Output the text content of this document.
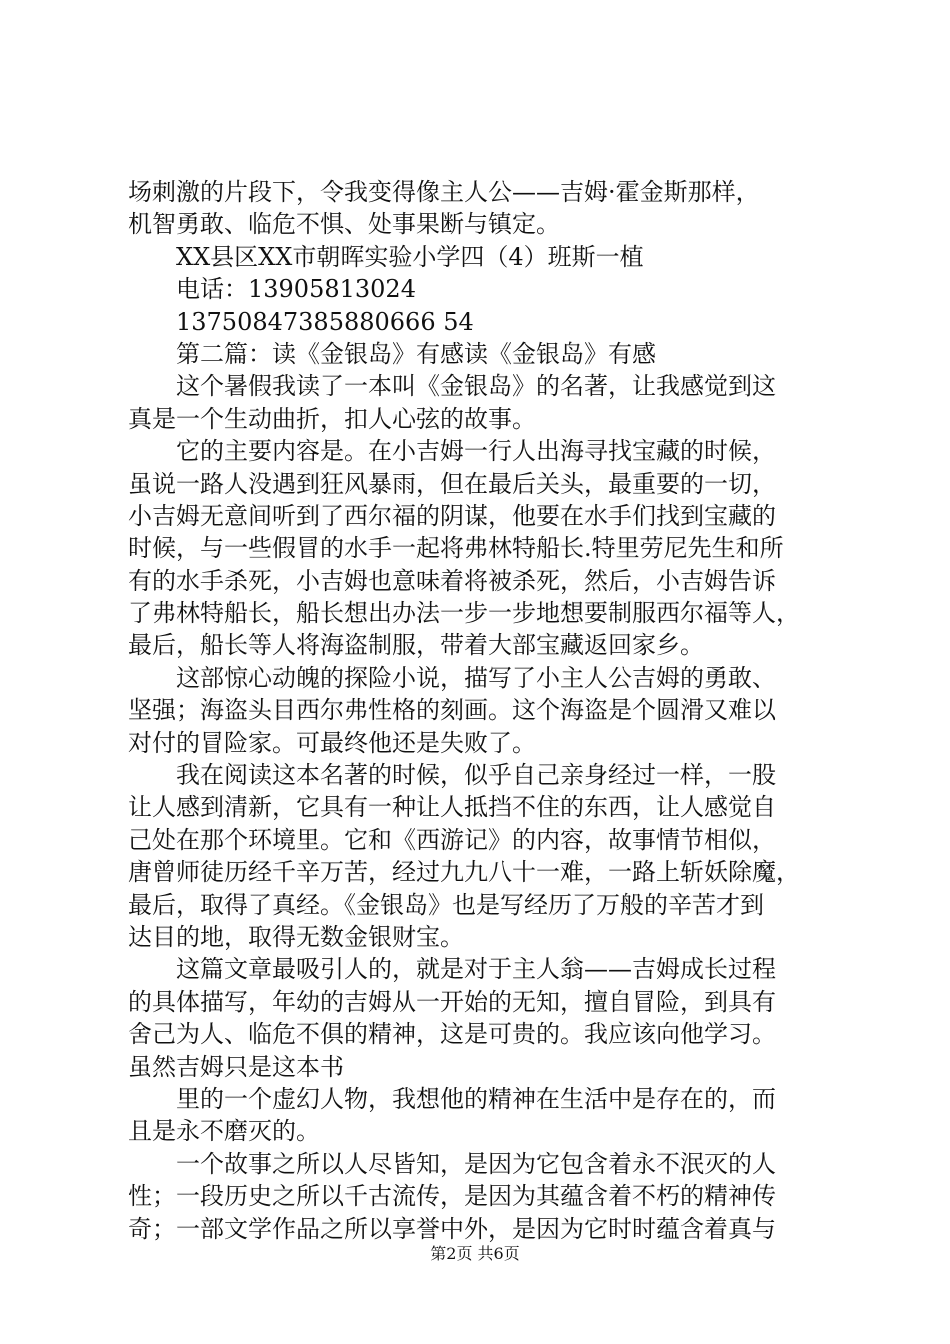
场刺激的片段下，令我变得像主人公——吉姆·霍金斯那样，
机智勇敢、临危不惧、处事果断与镇定。
XX县区XX市朝晖实验小学四（4）班斯一植
电话：13905813024
13750847385880666 54
第二篇：读《金银岛》有感读《金银岛》有感
这个暑假我读了一本叫《金银岛》的名著，让我感觉到这
真是一个生动曲折，扣人心弦的故事。
它的主要内容是。在小吉姆一行人出海寻找宝藏的时候，
虽说一路人没遇到狂风暴雨，但在最后关头，最重要的一切，
小吉姆无意间听到了西尔福的阴谋，他要在水手们找到宝藏的
时候，与一些假冒的水手一起将弗林特船长.特里劳尼先生和所
有的水手杀死，小吉姆也意味着将被杀死，然后，小吉姆告诉
了弗林特船长，船长想出办法一步一步地想要制服西尔福等人，
最后，船长等人将海盗制服，带着大部宝藏返回家乡。
这部惊心动魄的探险小说，描写了小主人公吉姆的勇敢、
坚强；海盗头目西尔弗性格的刻画。这个海盗是个圆滑又难以
对付的冒险家。可最终他还是失败了。
我在阅读这本名著的时候，似乎自己亲身经过一样，一股
让人感到清新，它具有一种让人抵挡不住的东西，让人感觉自
己处在那个环境里。它和《西游记》的内容，故事情节相似，
唐曾师徒历经千辛万苦，经过九九八十一难，一路上斩妖除魔，
最后，取得了真经。《金银岛》也是写经历了万般的辛苦才到
达目的地，取得无数金银财宝。
这篇文章最吸引人的，就是对于主人翁——吉姆成长过程
的具体描写，年幼的吉姆从一开始的无知，擅自冒险，到具有
舍己为人、临危不俱的精神，这是可贵的。我应该向他学习。
虽然吉姆只是这本书
里的一个虚幻人物，我想他的精神在生活中是存在的，而
且是永不磨灭的。
一个故事之所以人尽皆知，是因为它包含着永不泯灭的人
性；一段历史之所以千古流传，是因为其蕴含着不朽的精神传
奇；一部文学作品之所以享誉中外，是因为它时时蕴含着真与
第2页 共6页
